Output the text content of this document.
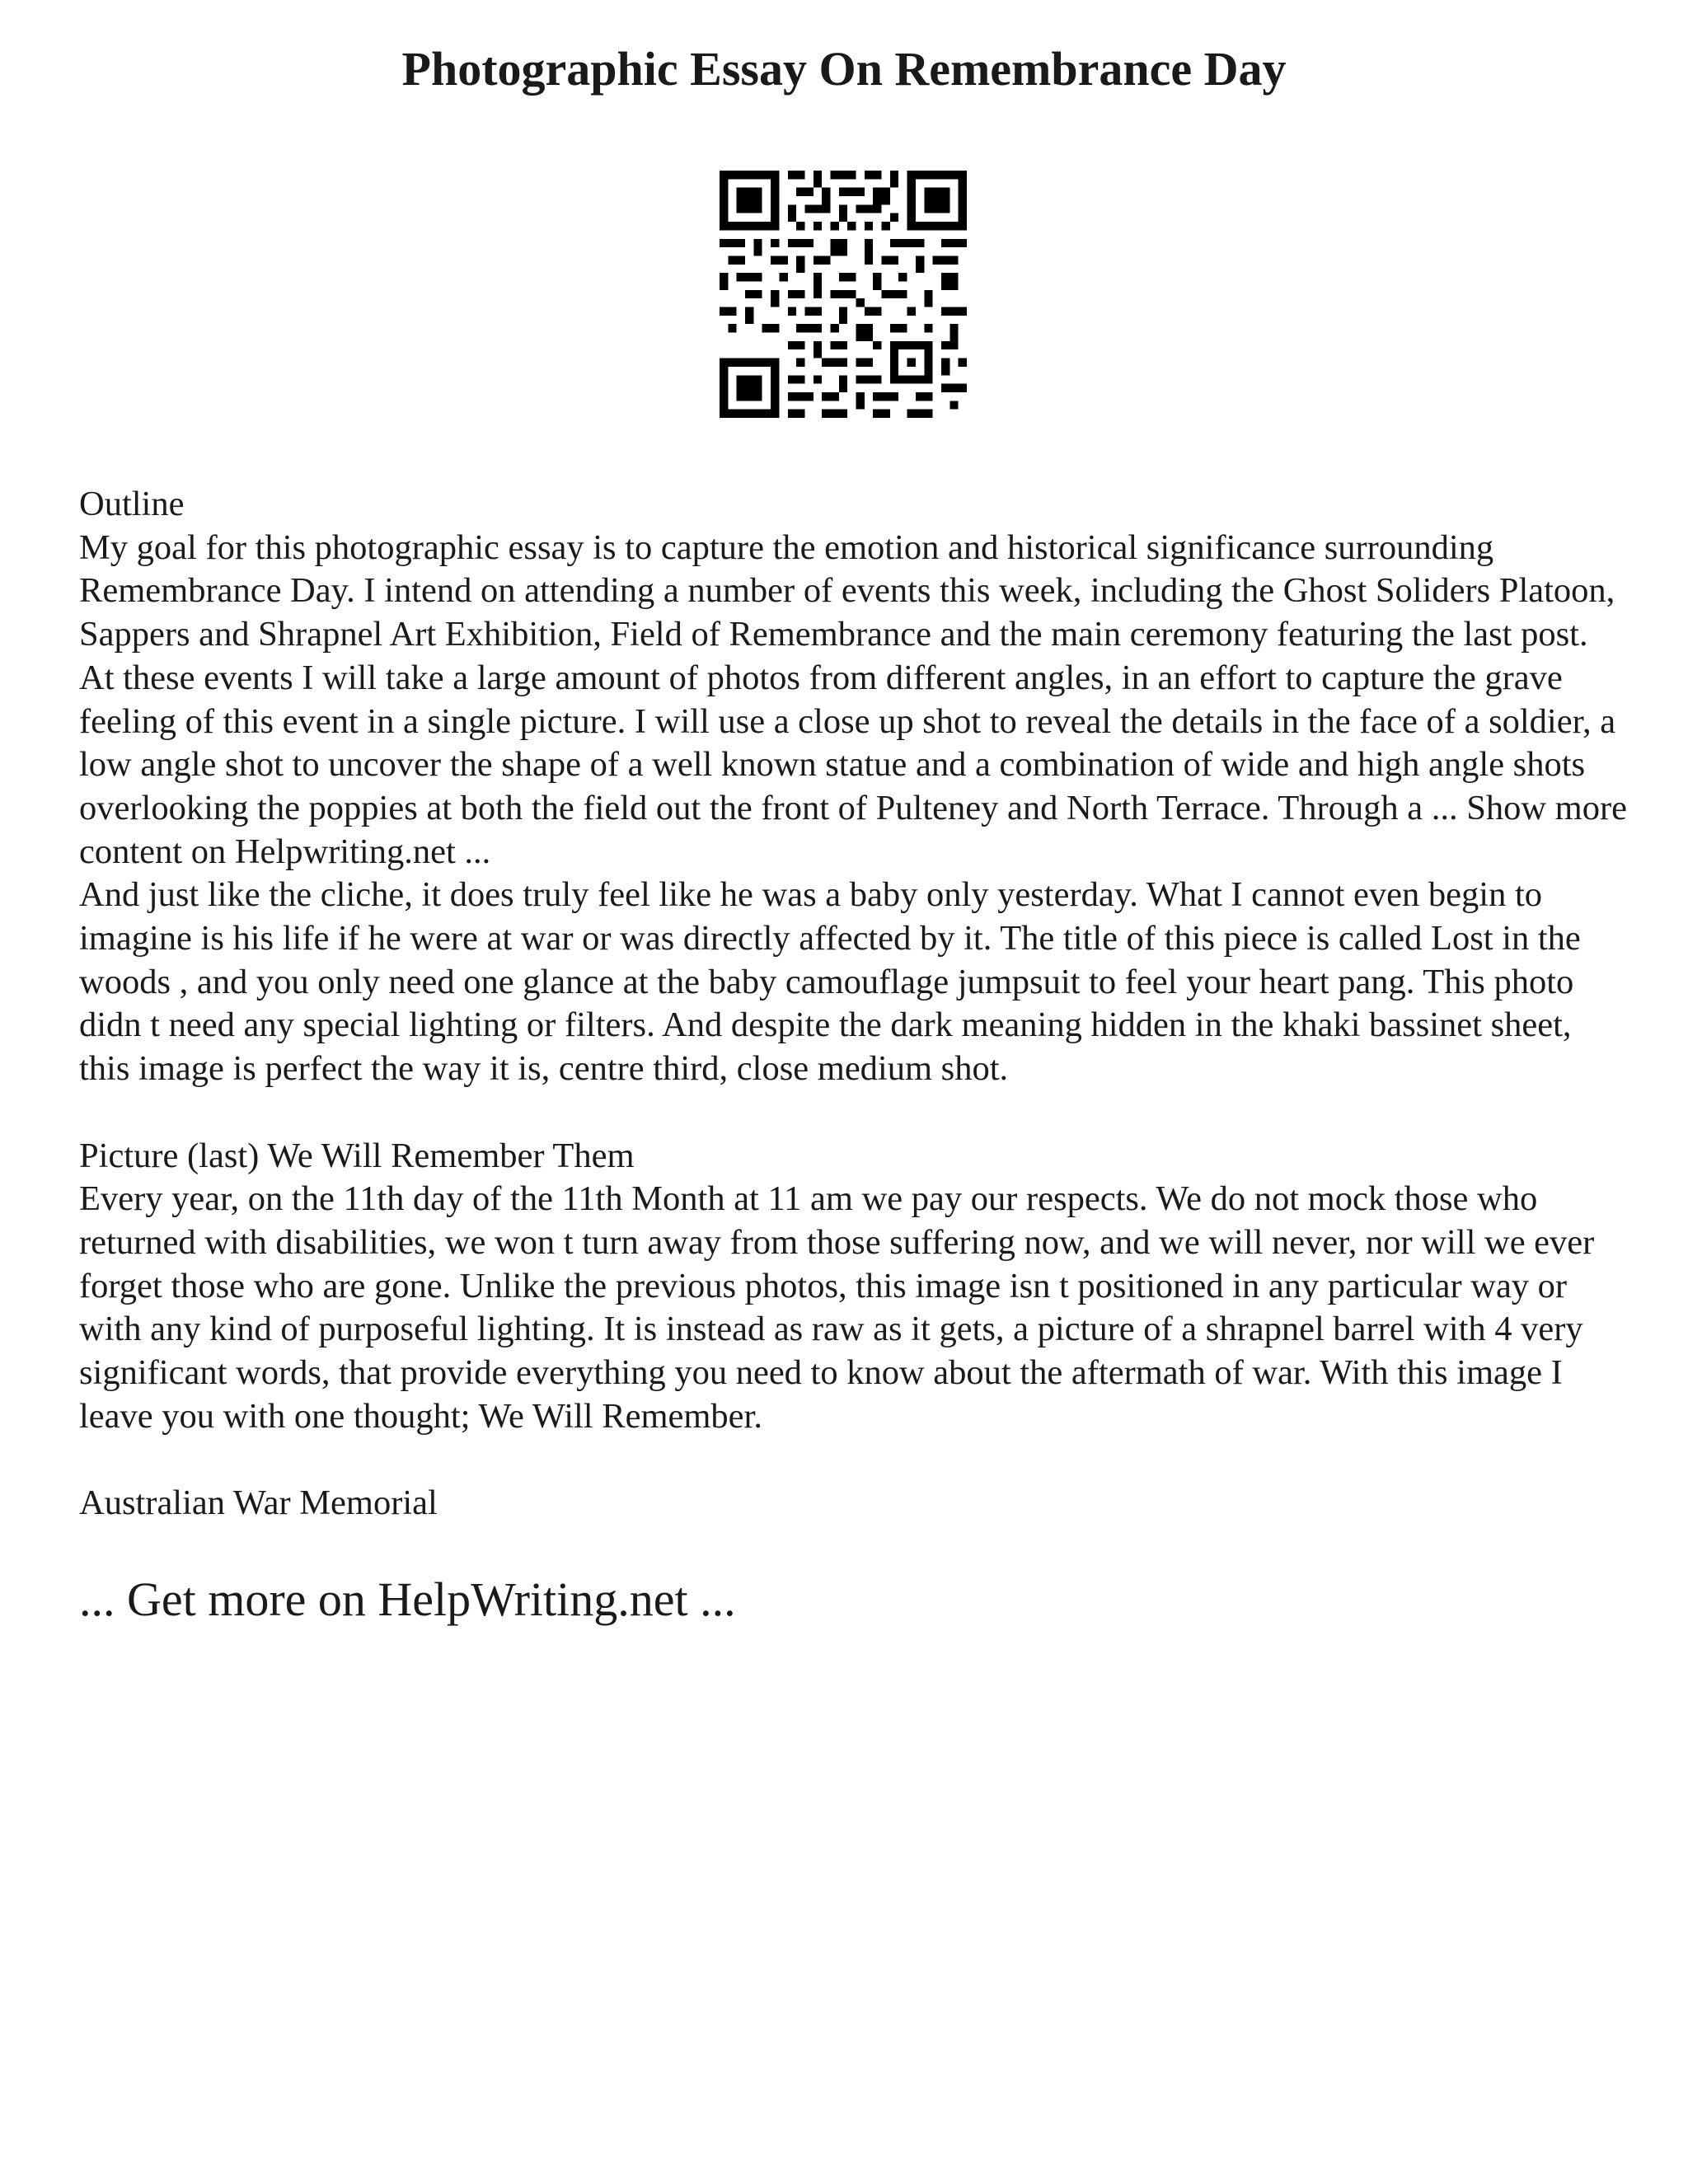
Photographic Essay On Remembrance Day

Outline

My goal for this photographic essay is to capture the emotion and historical significance surrounding Remembrance Day. I intend on attending a number of events this week, including the Ghost Soliders Platoon, Sappers and Shrapnel Art Exhibition, Field of Remembrance and the main ceremony featuring the last post. At these events I will take a large amount of photos from different angles, in an effort to capture the grave feeling of this event in a single picture. I will use a close up shot to reveal the details in the face of a soldier, a low angle shot to uncover the shape of a well known statue and a combination of wide and high angle shots overlooking the poppies at both the field out the front of Pulteney and North Terrace. Through a ... Show more content on Helpwriting.net ...

And just like the cliche, it does truly feel like he was a baby only yesterday. What I cannot even begin to imagine is his life if he were at war or was directly affected by it. The title of this piece is called Lost in the woods , and you only need one glance at the baby camouflage jumpsuit to feel your heart pang. This photo didn t need any special lighting or filters. And despite the dark meaning hidden in the khaki bassinet sheet, this image is perfect the way it is, centre third, close medium shot.

Picture (last) We Will Remember Them

Every year, on the 11th day of the 11th Month at 11 am we pay our respects. We do not mock those who returned with disabilities, we won t turn away from those suffering now, and we will never, nor will we ever forget those who are gone. Unlike the previous photos, this image isn t positioned in any particular way or with any kind of purposeful lighting. It is instead as raw as it gets, a picture of a shrapnel barrel with 4 very significant words, that provide everything you need to know about the aftermath of war. With this image I leave you with one thought; We Will Remember.

Australian War Memorial

... Get more on HelpWriting.net ...
